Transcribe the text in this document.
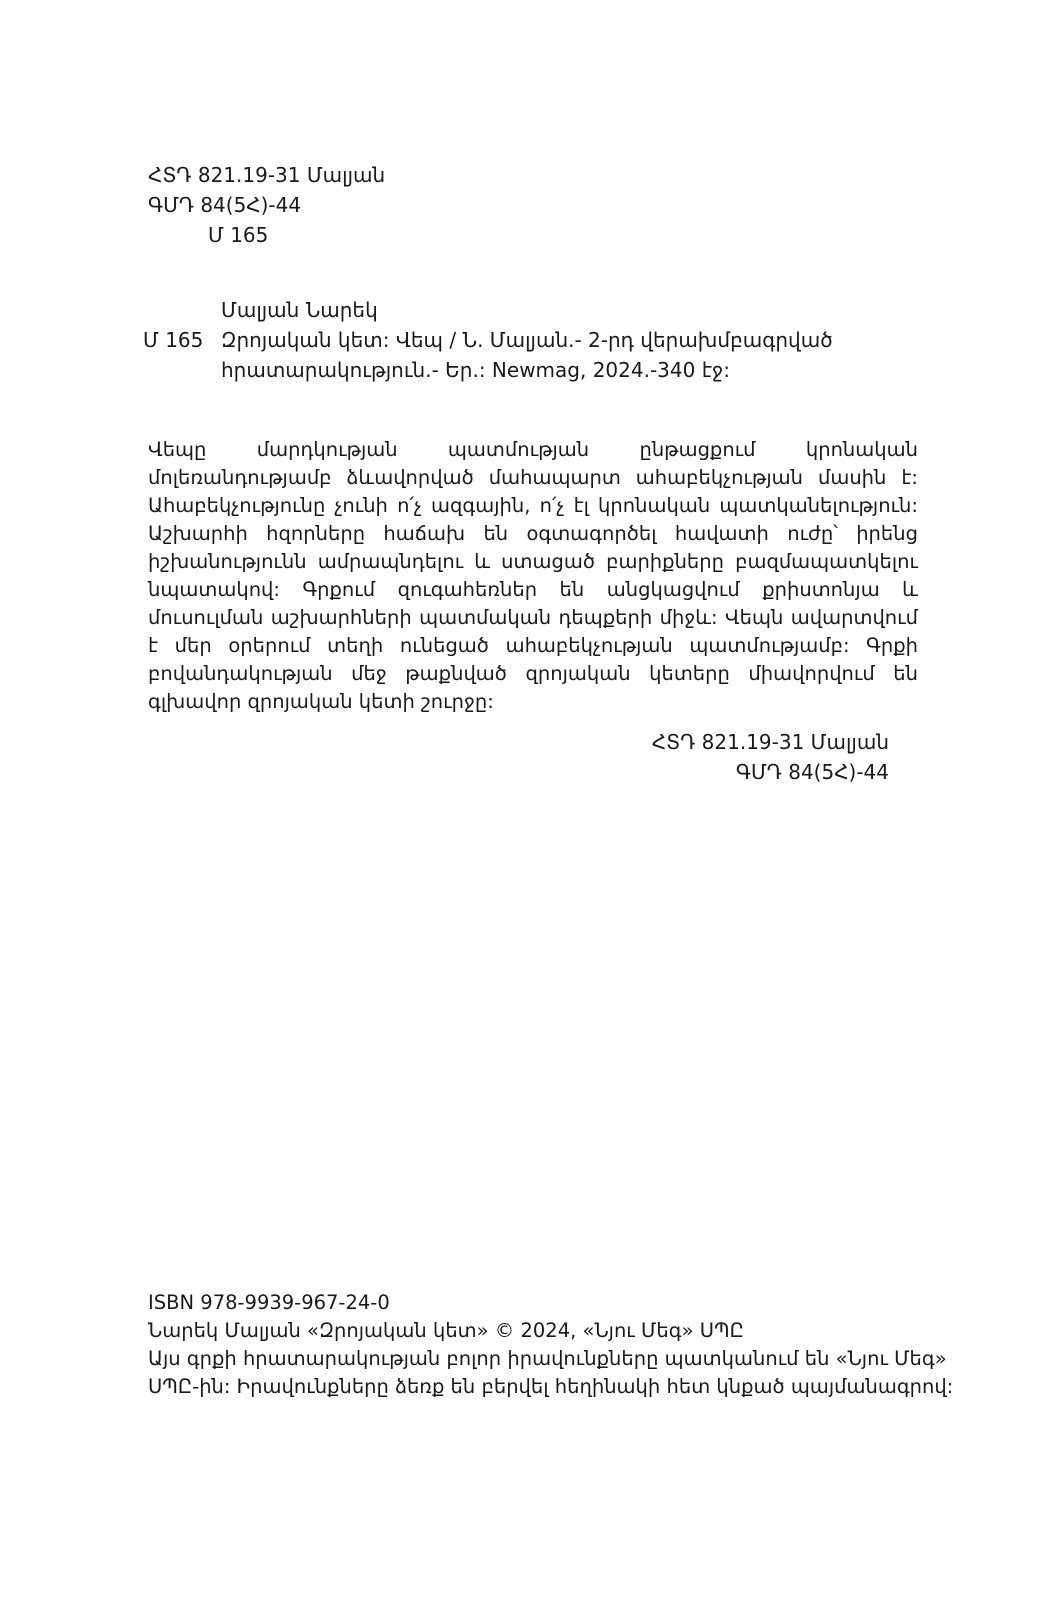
ՀՏԴ 821.19-31 Մալյան
ԳՄԴ 84(5Հ)-44
Մ 165
Մ 165
Մալյան Նարեկ
Զրոյական կետ: Վեպ / Ն. Մալյան.- 2-րդ վերախմբագրված
հրատարակություն.- Եր.: Newmag, 2024.-340 էջ:
Վեպը մարդկության պատմության ընթացքում կրոնական մոլեռանդությամբ ձևավորված մահապարտ ահաբեկչության մասին է: Ահաբեկչությունը չունի ո՛չ ազգային, ո՛չ էլ կրոնական պատկանելություն: Աշխարհի հզորները հաճախ են օգտագործել հավատի ուժը՝ իրենց իշխանությունն ամրապնդելու և ստացած բարիքները բազմապատկելու նպատակով: Գրքում զուգահեռներ են անցկացվում քրիստոնյա և մուսուլման աշխարհների պատմական դեպքերի միջև: Վեպն ավարտվում է մեր օրերում տեղի ունեցած ահաբեկչության պատմությամբ: Գրքի բովանդակության մեջ թաքնված զրոյական կետերը միավորվում են գլխավոր զրոյական կետի շուրջը:
ՀՏԴ 821.19-31 Մալյան
ԳՄԴ 84(5Հ)-44
ISBN 978-9939-967-24-0
Նարեկ Մալյան «Զրոյական կետ» © 2024, «Նյու Մեգ» ՍՊԸ
Այս գրքի հրատարակության բոլոր իրավունքները պատկանում են «Նյու Մեգ»
ՍՊԸ-ին: Իրավունքները ձեռք են բերվել հեղինակի հետ կնքած պայմանագրով:
